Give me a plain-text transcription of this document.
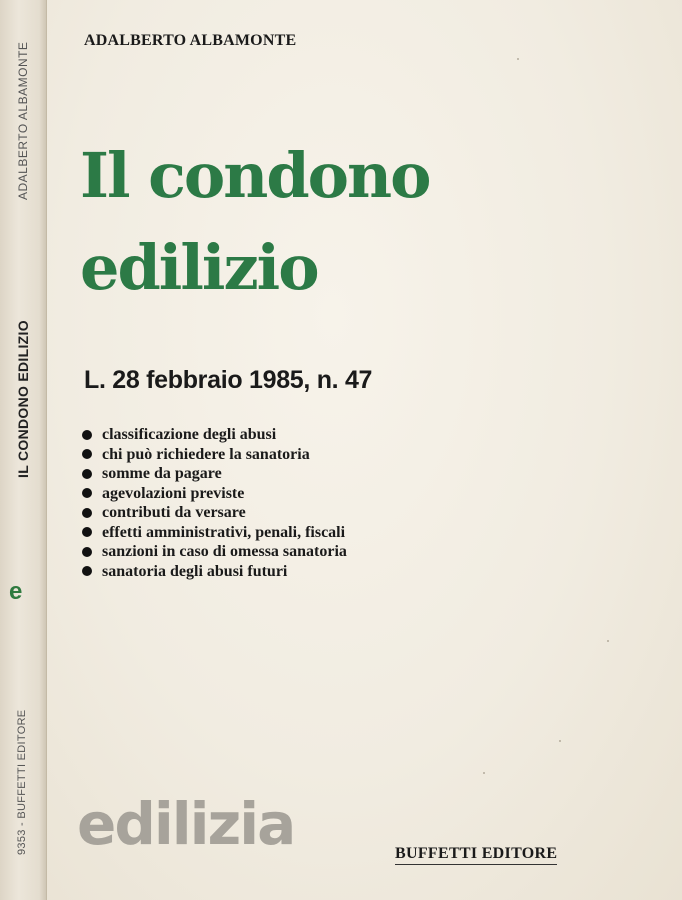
ADALBERTO ALBAMONTE
IL CONDONO EDILIZIO
e
9353 - BUFFETTI EDITORE
ADALBERTO ALBAMONTE
Il condono
edilizio
L. 28 febbraio 1985, n. 47
classificazione degli abusi
chi può richiedere la sanatoria
somme da pagare
agevolazioni previste
contributi da versare
effetti amministrativi, penali, fiscali
sanzioni in caso di omessa sanatoria
sanatoria degli abusi futuri
edilizia	BUFFETTI EDITORE
